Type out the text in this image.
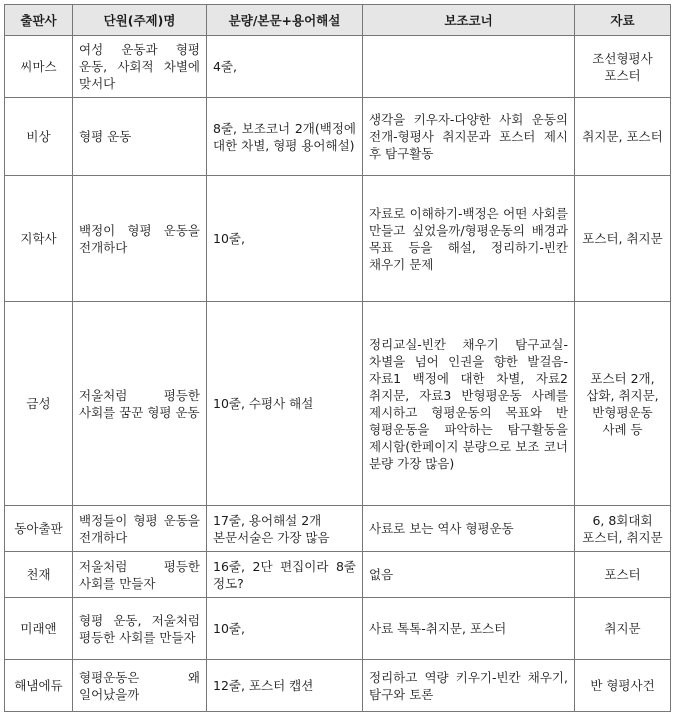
출판사	단원(주제)명	분량/본문+용어해설	보조코너	자료
씨마스	여성 운동과 형평 운동, 사회적 차별에 맞서다	4줄,		조선형평사 포스터
비상	형평 운동	8줄, 보조코너 2개(백정에 대한 차별, 형평 용어해설)	생각을 키우자-다양한 사회 운동의 전개-형평사 취지문과 포스터 제시 후 탐구활동	취지문, 포스터
지학사	백정이 형평 운동을 전개하다	10줄,	자료로 이해하기-백정은 어떤 사회를 만들고 싶었을까/형평운동의 배경과 목표 등을 해설, 정리하기-빈칸 채우기 문제	포스터, 취지문
금성	저울처럼 평등한 사회를 꿈꾼 형평 운동	10줄, 수평사 해설	정리교실-빈칸 채우기 탐구교실-차별을 넘어 인권을 향한 발걸음- 자료1 백정에 대한 차별, 자료2 취지문, 자료3 반형평운동 사례를 제시하고 형평운동의 목표와 반 형평운동을 파악하는 탐구활동을 제시함(한페이지 분량으로 보조 코너 분량 가장 많음)	포스터 2개, 삽화, 취지문, 반형평운동 사례 등
동아출판	백정들이 형평 운동을 전개하다	17줄, 용어해설 2개 본문서술은 가장 많음	사료로 보는 역사 형평운동	6, 8회대회 포스터, 취지문
천재	저울처럼 평등한 사회를 만들자	16줄, 2단 편집이라 8줄 정도?	없음	포스터
미래앤	형평 운동, 저울처럼 평등한 사회를 만들자	10줄,	사료 톡톡-취지문, 포스터	취지문
해냄에듀	형평운동은 왜 일어났을까	12줄, 포스터 캡션	정리하고 역량 키우기-빈칸 채우기, 탐구와 토론	반 형평사건
